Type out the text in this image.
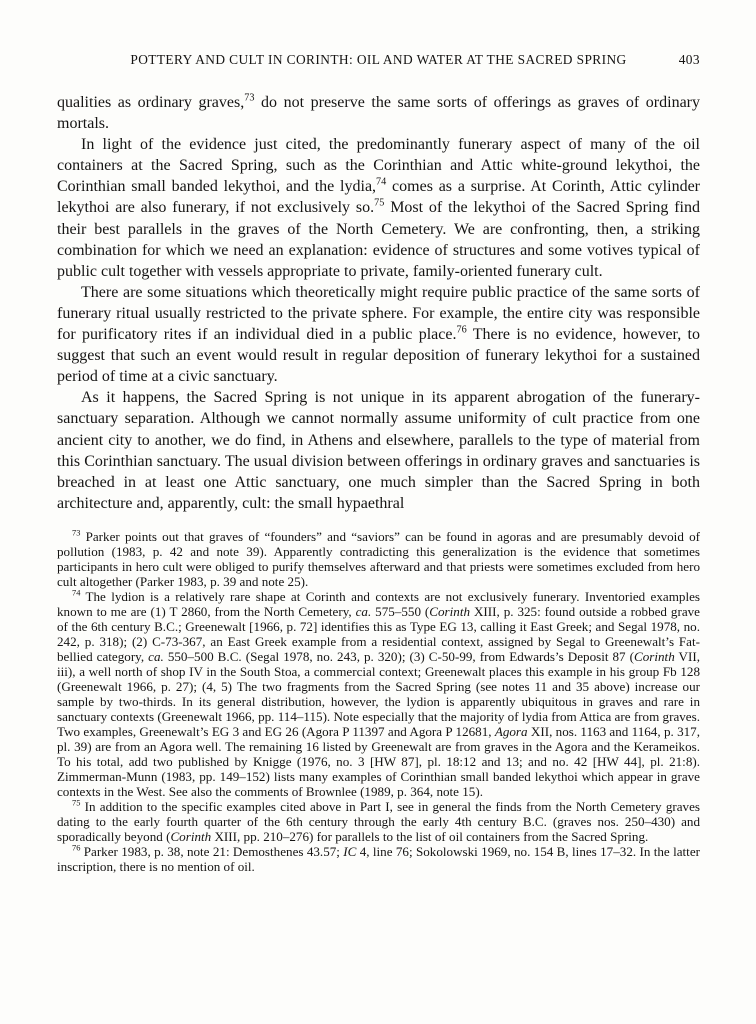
POTTERY AND CULT IN CORINTH: OIL AND WATER AT THE SACRED SPRING	403

qualities as ordinary graves,$^{73}$ do not preserve the same sorts of offerings as graves of ordinary mortals.

In light of the evidence just cited, the predominantly funerary aspect of many of the oil containers at the Sacred Spring, such as the Corinthian and Attic white-ground lekythoi, the Corinthian small banded lekythoi, and the lydia,$^{74}$ comes as a surprise. At Corinth, Attic cylinder lekythoi are also funerary, if not exclusively so.$^{75}$ Most of the lekythoi of the Sacred Spring find their best parallels in the graves of the North Cemetery. We are confronting, then, a striking combination for which we need an explanation: evidence of structures and some votives typical of public cult together with vessels appropriate to private, family-oriented funerary cult.

There are some situations which theoretically might require public practice of the same sorts of funerary ritual usually restricted to the private sphere. For example, the entire city was responsible for purificatory rites if an individual died in a public place.$^{76}$ There is no evidence, however, to suggest that such an event would result in regular deposition of funerary lekythoi for a sustained period of time at a civic sanctuary.

As it happens, the Sacred Spring is not unique in its apparent abrogation of the funerary-sanctuary separation. Although we cannot normally assume uniformity of cult practice from one ancient city to another, we do find, in Athens and elsewhere, parallels to the type of material from this Corinthian sanctuary. The usual division between offerings in ordinary graves and sanctuaries is breached in at least one Attic sanctuary, one much simpler than the Sacred Spring in both architecture and, apparently, cult: the small hypaethral

$^{73}$ Parker points out that graves of “founders” and “saviors” can be found in agoras and are presumably devoid of pollution (1983, p. 42 and note 39). Apparently contradicting this generalization is the evidence that sometimes participants in hero cult were obliged to purify themselves afterward and that priests were sometimes excluded from hero cult altogether (Parker 1983, p. 39 and note 25).

$^{74}$ The lydion is a relatively rare shape at Corinth and contexts are not exclusively funerary. Inventoried examples known to me are (1) T 2860, from the North Cemetery, ca. 575–550 (Corinth XIII, p. 325: found outside a robbed grave of the 6th century B.C.; Greenewalt [1966, p. 72] identifies this as Type EG 13, calling it East Greek; and Segal 1978, no. 242, p. 318); (2) C-73-367, an East Greek example from a residential context, assigned by Segal to Greenewalt’s Fat-bellied category, ca. 550–500 B.C. (Segal 1978, no. 243, p. 320); (3) C-50-99, from Edwards’s Deposit 87 (Corinth VII, iii), a well north of shop IV in the South Stoa, a commercial context; Greenewalt places this example in his group Fb 128 (Greenewalt 1966, p. 27); (4, 5) The two fragments from the Sacred Spring (see notes 11 and 35 above) increase our sample by two-thirds. In its general distribution, however, the lydion is apparently ubiquitous in graves and rare in sanctuary contexts (Greenewalt 1966, pp. 114–115). Note especially that the majority of lydia from Attica are from graves. Two examples, Greenewalt’s EG 3 and EG 26 (Agora P 11397 and Agora P 12681, Agora XII, nos. 1163 and 1164, p. 317, pl. 39) are from an Agora well. The remaining 16 listed by Greenewalt are from graves in the Agora and the Kerameikos. To his total, add two published by Knigge (1976, no. 3 [HW 87], pl. 18:12 and 13; and no. 42 [HW 44], pl. 21:8). Zimmerman-Munn (1983, pp. 149–152) lists many examples of Corinthian small banded lekythoi which appear in grave contexts in the West. See also the comments of Brownlee (1989, p. 364, note 15).

$^{75}$ In addition to the specific examples cited above in Part I, see in general the finds from the North Cemetery graves dating to the early fourth quarter of the 6th century through the early 4th century B.C. (graves nos. 250–430) and sporadically beyond (Corinth XIII, pp. 210–276) for parallels to the list of oil containers from the Sacred Spring.

$^{76}$ Parker 1983, p. 38, note 21: Demosthenes 43.57; IC 4, line 76; Sokolowski 1969, no. 154 B, lines 17–32. In the latter inscription, there is no mention of oil.
